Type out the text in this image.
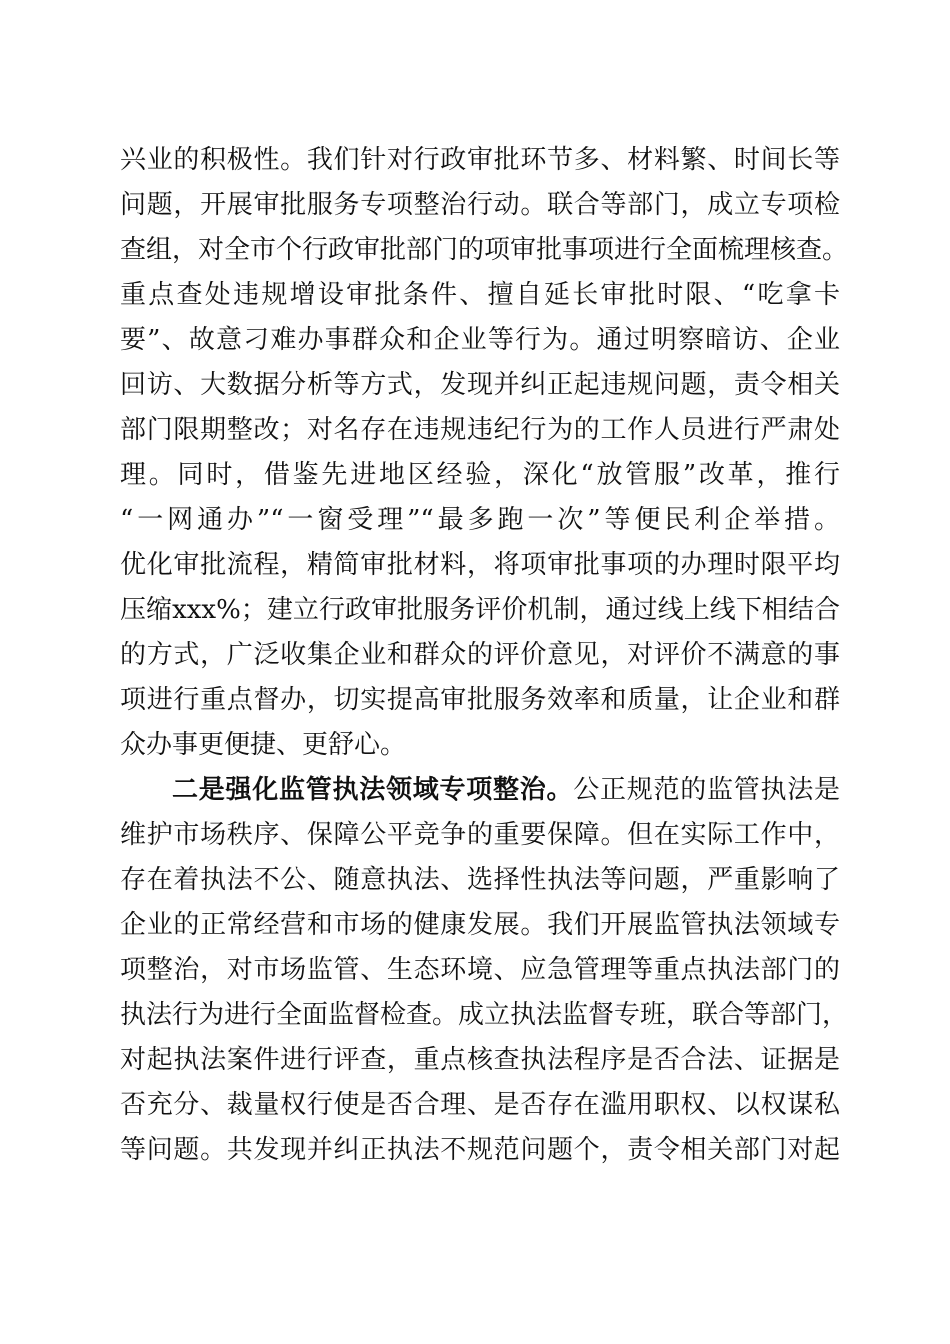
兴业的积极性。我们针对行政审批环节多、材料繁、时间长等
问题，开展审批服务专项整治行动。联合等部门，成立专项检
查组，对全市个行政审批部门的项审批事项进行全面梳理核查。
重点查处违规增设审批条件、擅自延长审批时限、“吃拿卡
要”、故意刁难办事群众和企业等行为。通过明察暗访、企业
回访、大数据分析等方式，发现并纠正起违规问题，责令相关
部门限期整改；对名存在违规违纪行为的工作人员进行严肃处
理。同时，借鉴先进地区经验，深化“放管服”改革，推行
“一网通办”“一窗受理”“最多跑一次”等便民利企举措。
优化审批流程，精简审批材料，将项审批事项的办理时限平均
压缩xxx%；建立行政审批服务评价机制，通过线上线下相结合
的方式，广泛收集企业和群众的评价意见，对评价不满意的事
项进行重点督办，切实提高审批服务效率和质量，让企业和群
众办事更便捷、更舒心。
二是强化监管执法领域专项整治。公正规范的监管执法是
维护市场秩序、保障公平竞争的重要保障。但在实际工作中，
存在着执法不公、随意执法、选择性执法等问题，严重影响了
企业的正常经营和市场的健康发展。我们开展监管执法领域专
项整治，对市场监管、生态环境、应急管理等重点执法部门的
执法行为进行全面监督检查。成立执法监督专班，联合等部门，
对起执法案件进行评查，重点核查执法程序是否合法、证据是
否充分、裁量权行使是否合理、是否存在滥用职权、以权谋私
等问题。共发现并纠正执法不规范问题个，责令相关部门对起
